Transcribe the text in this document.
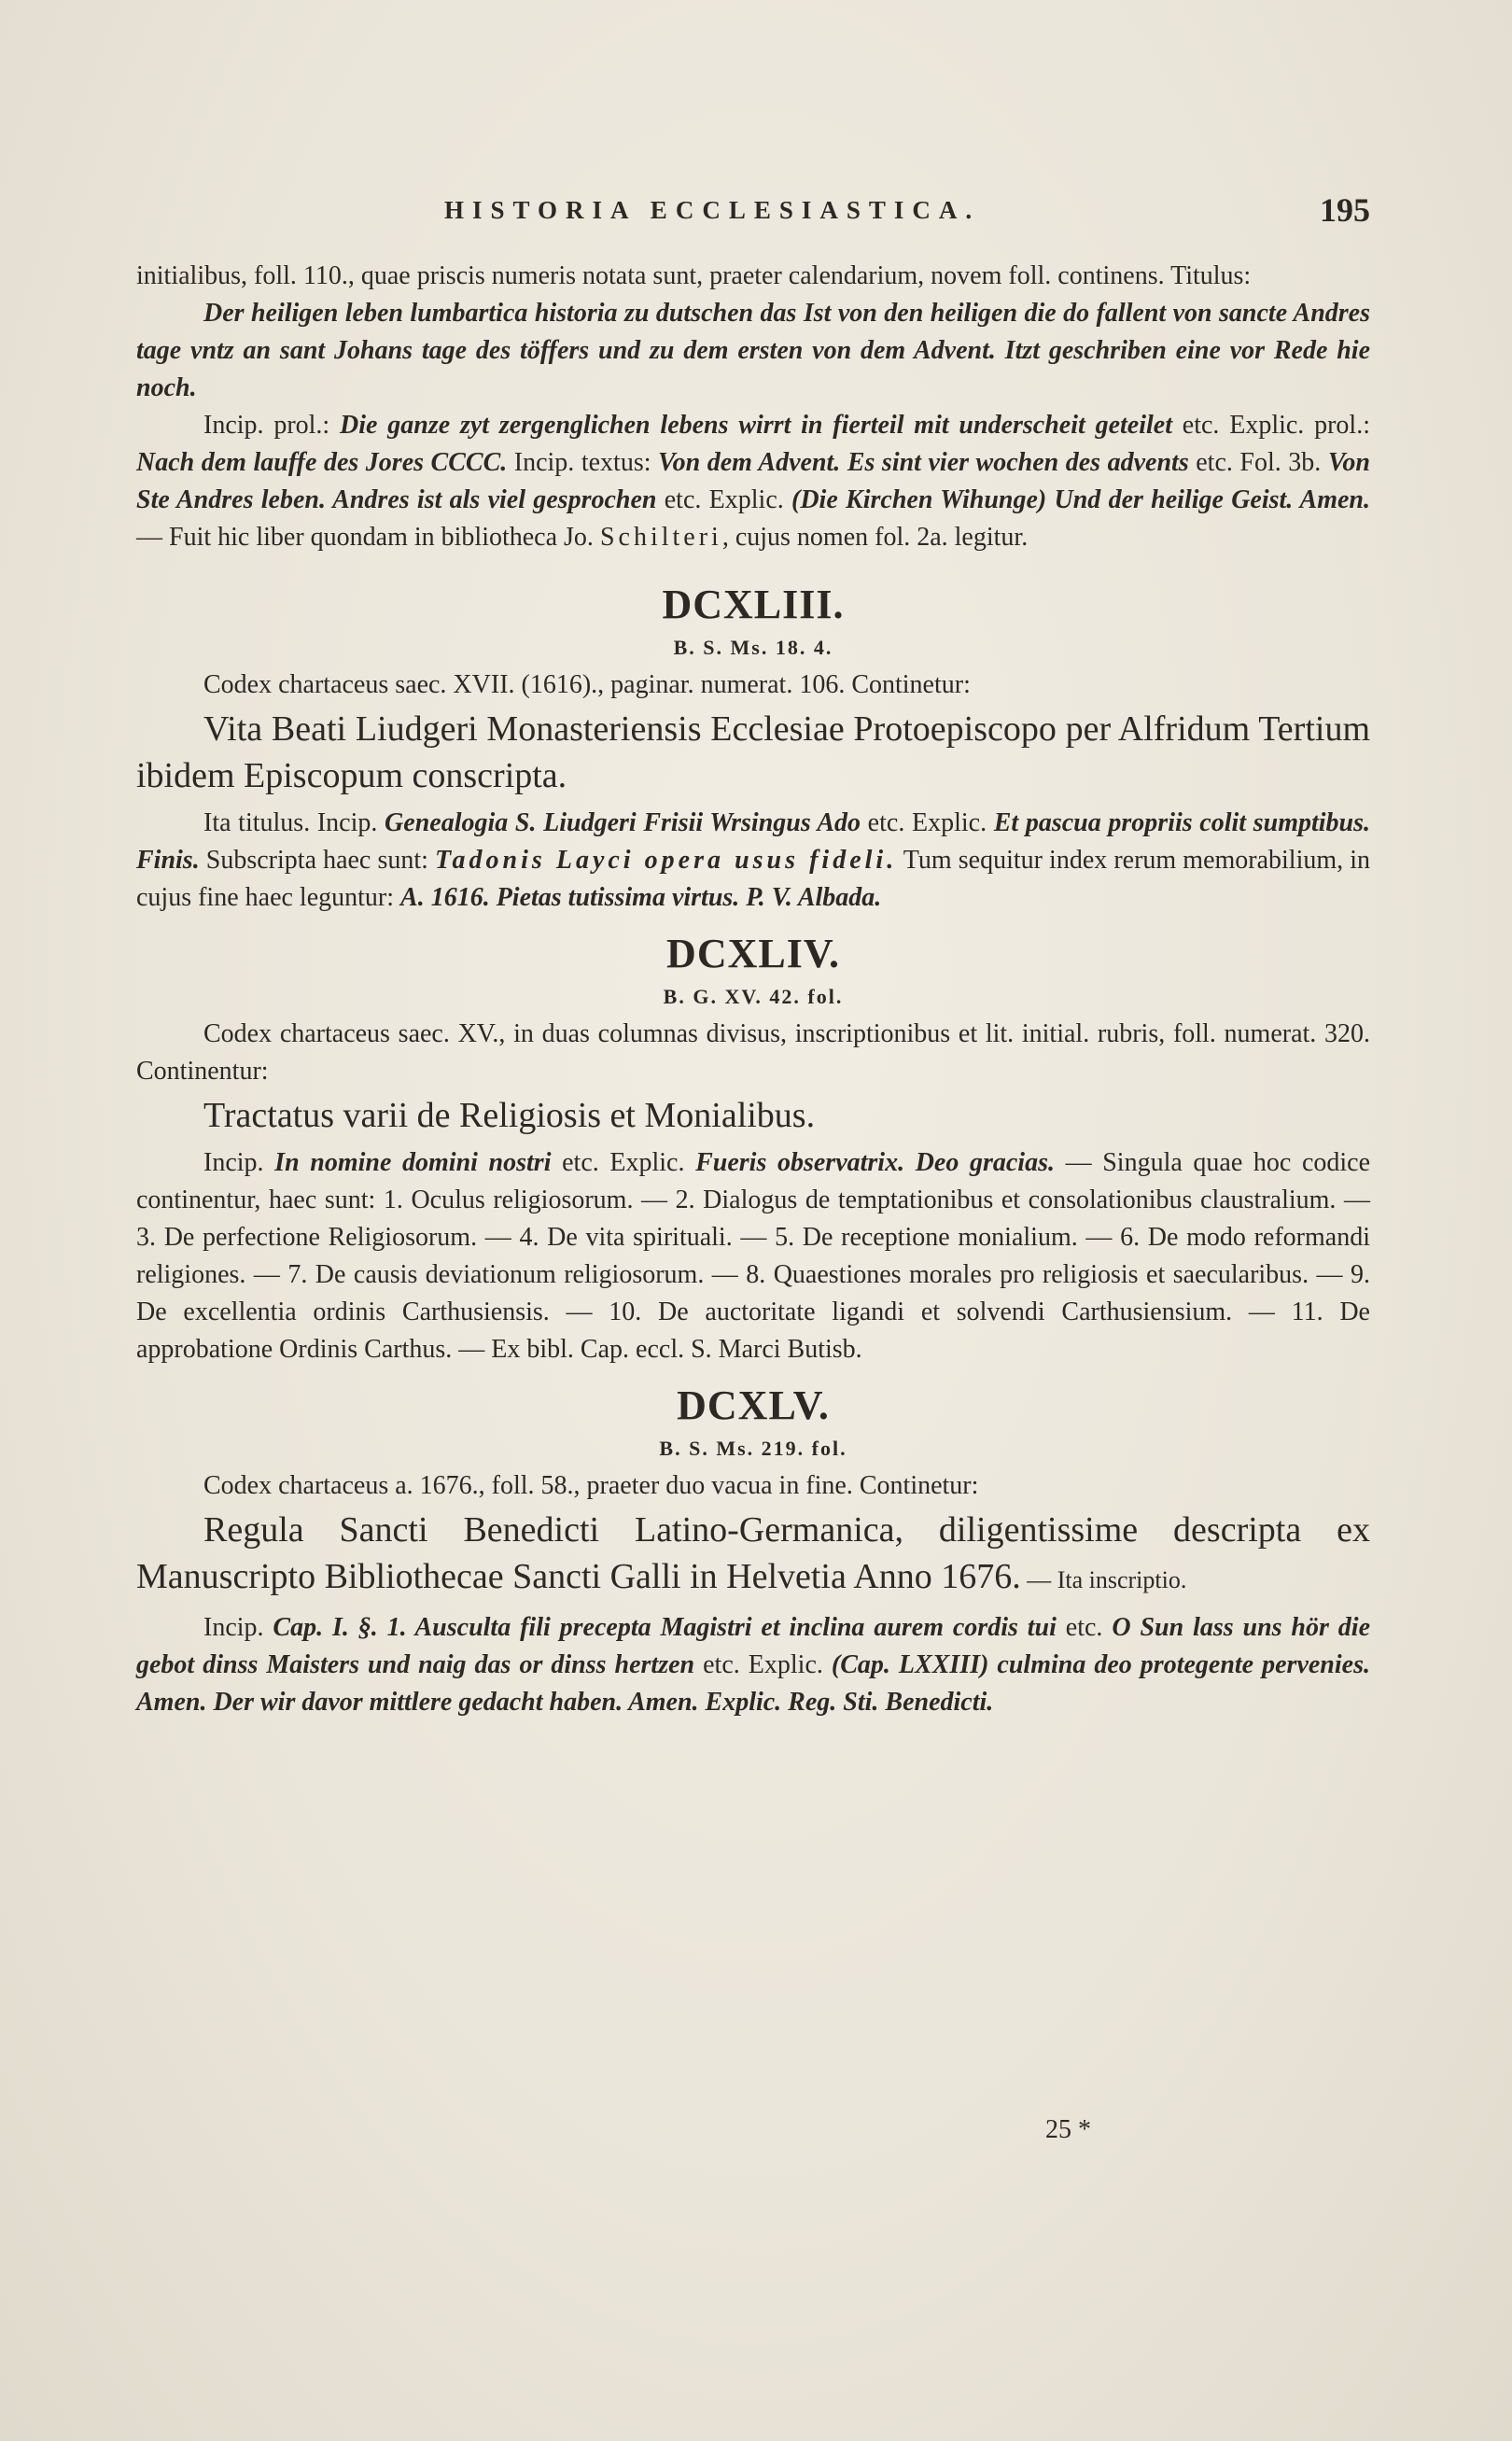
HISTORIA ECCLESIASTICA.	195

initialibus, foll. 110., quae priscis numeris notata sunt, praeter calendarium, novem foll. continens. Titulus:

Der heiligen leben lumbartica historia zu dutschen das Ist von den heiligen die do fallent von sancte Andres tage vntz an sant Johans tage des töffers und zu dem ersten von dem Advent. Itzt geschriben eine vor Rede hie noch.

Incip. prol.: Die ganze zyt zergenglichen lebens wirrt in fierteil mit underscheit geteilet etc. Explic. prol.: Nach dem lauffe des Jores CCCC. Incip. textus: Von dem Advent. Es sint vier wochen des advents etc. Fol. 3b. Von Ste Andres leben. Andres ist als viel gesprochen etc. Explic. (Die Kirchen Wihunge) Und der heilige Geist. Amen. — Fuit hic liber quondam in bibliotheca Jo. Schilteri, cujus nomen fol. 2a. legitur.

DCXLIII.
B. S. Ms. 18. 4.

Codex chartaceus saec. XVII. (1616)., paginar. numerat. 106. Continetur:

Vita Beati Liudgeri Monasteriensis Ecclesiae Protoepiscopo per Alfridum Tertium ibidem Episcopum conscripta.

Ita titulus. Incip. Genealogia S. Liudgeri Frisii Wrsingus Ado etc. Explic. Et pascua propriis colit sumptibus. Finis. Subscripta haec sunt: Tadonis Layci opera usus fideli. Tum sequitur index rerum memorabilium, in cujus fine haec leguntur: A. 1616. Pietas tutissima virtus. P. V. Albada.

DCXLIV.
B. G. XV. 42. fol.

Codex chartaceus saec. XV., in duas columnas divisus, inscriptionibus et lit. initial. rubris, foll. numerat. 320. Continentur:

Tractatus varii de Religiosis et Monialibus.

Incip. In nomine domini nostri etc. Explic. Fueris observatrix. Deo gracias. — Singula quae hoc codice continentur, haec sunt: 1. Oculus religiosorum. — 2. Dialogus de temptationibus et consolationibus claustralium. — 3. De perfectione Religiosorum. — 4. De vita spirituali. — 5. De receptione monialium. — 6. De modo reformandi religiones. — 7. De causis deviationum religiosorum. — 8. Quaestiones morales pro religiosis et saecularibus. — 9. De excellentia ordinis Carthusiensis. — 10. De auctoritate ligandi et solvendi Carthusiensium. — 11. De approbatione Ordinis Carthus. — Ex bibl. Cap. eccl. S. Marci Butisb.

DCXLV.
B. S. Ms. 219. fol.

Codex chartaceus a. 1676., foll. 58., praeter duo vacua in fine. Continetur:

Regula Sancti Benedicti Latino-Germanica, diligentissime descripta ex Manuscripto Bibliothecae Sancti Galli in Helvetia Anno 1676. — Ita inscriptio.

Incip. Cap. I. §. 1. Ausculta fili precepta Magistri et inclina aurem cordis tui etc. O Sun lass uns hör die gebot dinss Maisters und naig das or dinss hertzen etc. Explic. (Cap. LXXIII) culmina deo protegente pervenies. Amen. Der wir davor mittlere gedacht haben. Amen. Explic. Reg. Sti. Benedicti.

25 *
